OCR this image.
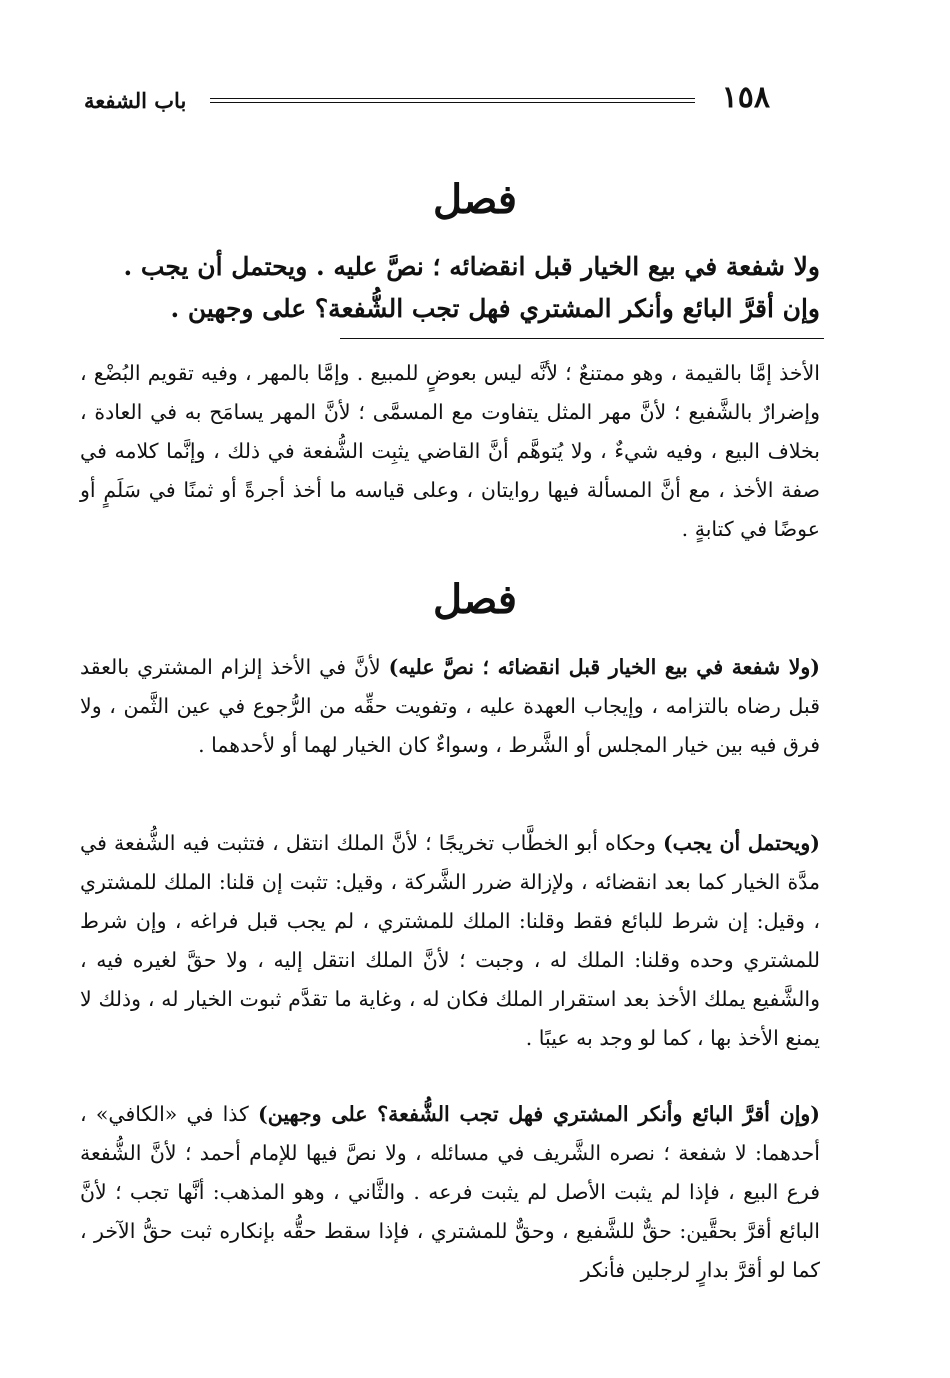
١٥٨
باب الشفعة
فصل
ولا شفعة في بيع الخيار قبل انقضائه ؛ نصَّ عليه . ويحتمل أن يجب .
وإن أقرَّ البائع وأنكر المشتري فهل تجب الشُّفعة؟ على وجهين .
الأخذ إمَّا بالقيمة ، وهو ممتنعٌ ؛ لأنَّه ليس بعوضٍ للمبيع . وإمَّا بالمهر ، وفيه تقويم البُضْع ، وإضرارٌ بالشَّفيع ؛ لأنَّ مهر المثل يتفاوت مع المسمَّى ؛ لأنَّ المهر يسامَح به في العادة ، بخلاف البيع ، وفيه شيءٌ ، ولا يُتوهَّم أنَّ القاضي يثبِت الشُّفعة في ذلك ، وإنَّما كلامه في صفة الأخذ ، مع أنَّ المسألة فيها روايتان ، وعلى قياسه ما أخذ أجرةً أو ثمنًا في سَلَمٍ أو عوضًا في كتابةٍ .
فصل
(ولا شفعة في بيع الخيار قبل انقضائه ؛ نصَّ عليه) لأنَّ في الأخذ إلزام المشتري بالعقد قبل رضاه بالتزامه ، وإيجاب العهدة عليه ، وتفويت حقِّه من الرُّجوع في عين الثَّمن ، ولا فرق فيه بين خيار المجلس أو الشَّرط ، وسواءٌ كان الخيار لهما أو لأحدهما .
(ويحتمل أن يجب) وحكاه أبو الخطَّاب تخريجًا ؛ لأنَّ الملك انتقل ، فتثبت فيه الشُّفعة في مدَّة الخيار كما بعد انقضائه ، ولإزالة ضرر الشَّركة ، وقيل: تثبت إن قلنا: الملك للمشتري ، وقيل: إن شرط للبائع فقط وقلنا: الملك للمشتري ، لم يجب قبل فراغه ، وإن شرط للمشتري وحده وقلنا: الملك له ، وجبت ؛ لأنَّ الملك انتقل إليه ، ولا حقَّ لغيره فيه ، والشَّفيع يملك الأخذ بعد استقرار الملك فكان له ، وغاية ما تقدَّم ثبوت الخيار له ، وذلك لا يمنع الأخذ بها ، كما لو وجد به عيبًا .
(وإن أقرَّ البائع وأنكر المشتري فهل تجب الشُّفعة؟ على وجهين) كذا في «الكافي» ، أحدهما: لا شفعة ؛ نصره الشَّريف في مسائله ، ولا نصَّ فيها للإمام أحمد ؛ لأنَّ الشُّفعة فرع البيع ، فإذا لم يثبت الأصل لم يثبت فرعه . والثَّاني ، وهو المذهب: أنَّها تجب ؛ لأنَّ البائع أقرَّ بحقَّين: حقٌّ للشَّفيع ، وحقٌّ للمشتري ، فإذا سقط حقُّه بإنكاره ثبت حقُّ الآخر ، كما لو أقرَّ بدارٍ لرجلين فأنكر
